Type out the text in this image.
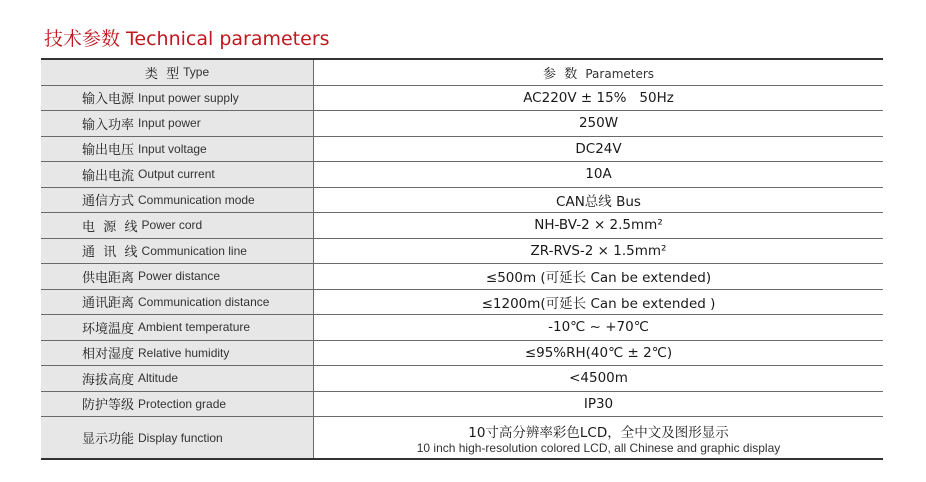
技术参数 Technical parameters
类  型 Type	参  数 Parameters
输入电源 Input power supply	AC220V ± 15%   50Hz
输入功率 Input power	250W
输出电压 Input voltage	DC24V
输出电流 Output current	10A
通信方式 Communication mode	CAN总线 Bus
电  源  线 Power cord	NH-BV-2 × 2.5mm²
通  讯  线 Communication line	ZR-RVS-2 × 1.5mm²
供电距离 Power distance	≤500m (可延长 Can be extended)
通讯距离 Communication distance	≤1200m(可延长 Can be extended )
环境温度 Ambient temperature	-10℃ ~ +70℃
相对湿度 Relative humidity	≤95%RH(40℃ ± 2℃)
海拔高度 Altitude	<4500m
防护等级 Protection grade	IP30
显示功能 Display function	10寸高分辨率彩色LCD，全中文及图形显示
10 inch high-resolution colored LCD, all Chinese and graphic display
